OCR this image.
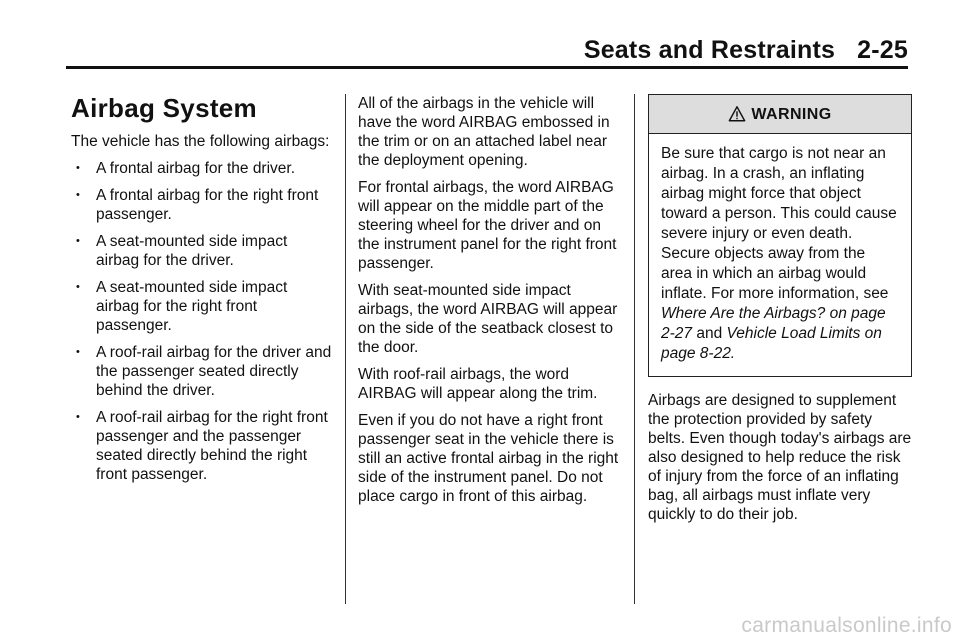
Seats and Restraints 2-25
Airbag System

The vehicle has the following airbags:

• A frontal airbag for the driver.
• A frontal airbag for the right front passenger.
• A seat-mounted side impact airbag for the driver.
• A seat-mounted side impact airbag for the right front passenger.
• A roof-rail airbag for the driver and the passenger seated directly behind the driver.
• A roof-rail airbag for the right front passenger and the passenger seated directly behind the right front passenger.

All of the airbags in the vehicle will have the word AIRBAG embossed in the trim or on an attached label near the deployment opening.

For frontal airbags, the word AIRBAG will appear on the middle part of the steering wheel for the driver and on the instrument panel for the right front passenger.

With seat-mounted side impact airbags, the word AIRBAG will appear on the side of the seatback closest to the door.

With roof-rail airbags, the word AIRBAG will appear along the trim.

Even if you do not have a right front passenger seat in the vehicle there is still an active frontal airbag in the right side of the instrument panel. Do not place cargo in front of this airbag.

WARNING
Be sure that cargo is not near an airbag. In a crash, an inflating airbag might force that object toward a person. This could cause severe injury or even death. Secure objects away from the area in which an airbag would inflate. For more information, see Where Are the Airbags? on page 2-27 and Vehicle Load Limits on page 8-22.

Airbags are designed to supplement the protection provided by safety belts. Even though today's airbags are also designed to help reduce the risk of injury from the force of an inflating bag, all airbags must inflate very quickly to do their job.

carmanualsonline.info
